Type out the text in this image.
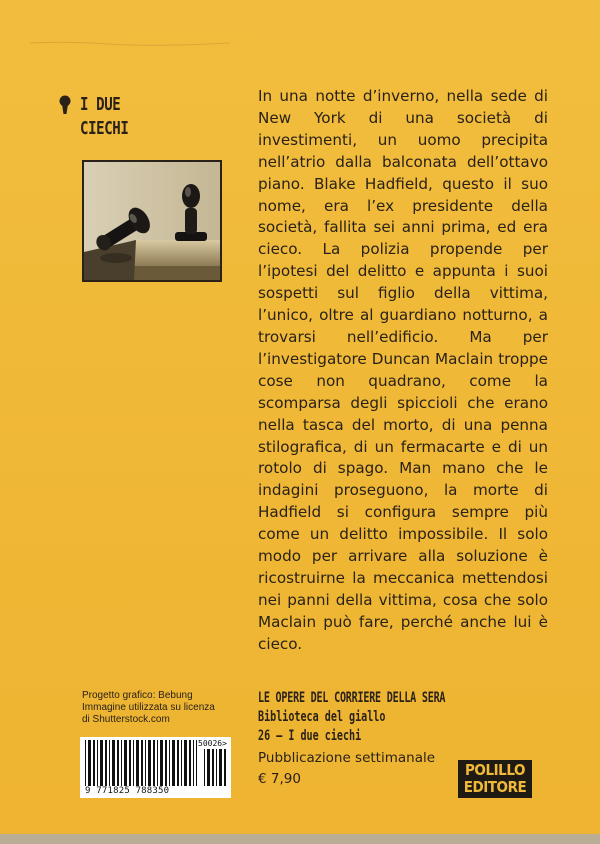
I DUE
CIECHI

In una notte d’inverno, nella sede di New York di una società di investimenti, un uomo precipita nell’atrio dalla balconata dell’ottavo piano. Blake Hadfield, questo il suo nome, era l’ex presidente della società, fallita sei anni prima, ed era cieco. La polizia propende per l’ipotesi del delitto e appunta i suoi sospetti sul figlio della vittima, l’unico, oltre al guardiano notturno, a trovarsi nell’edificio. Ma per l’investigatore Duncan Maclain troppe cose non quadrano, come la scomparsa degli spiccioli che erano nella tasca del morto, di una penna stilografica, di un fermacarte e di un rotolo di spago. Man mano che le indagini proseguono, la morte di Hadfield si configura sempre più come un delitto impossibile. Il solo modo per arrivare alla soluzione è ricostruirne la meccanica mettendosi nei panni della vittima, cosa che solo Maclain può fare, perché anche lui è cieco.

Progetto grafico: Bebung
Immagine utilizzata su licenza
di Shutterstock.com
9 771825 788350
50026>
LE OPERE DEL CORRIERE DELLA SERA
Biblioteca del giallo
26 – I due ciechi
Pubblicazione settimanale
€ 7,90	POLILLO
EDITORE
